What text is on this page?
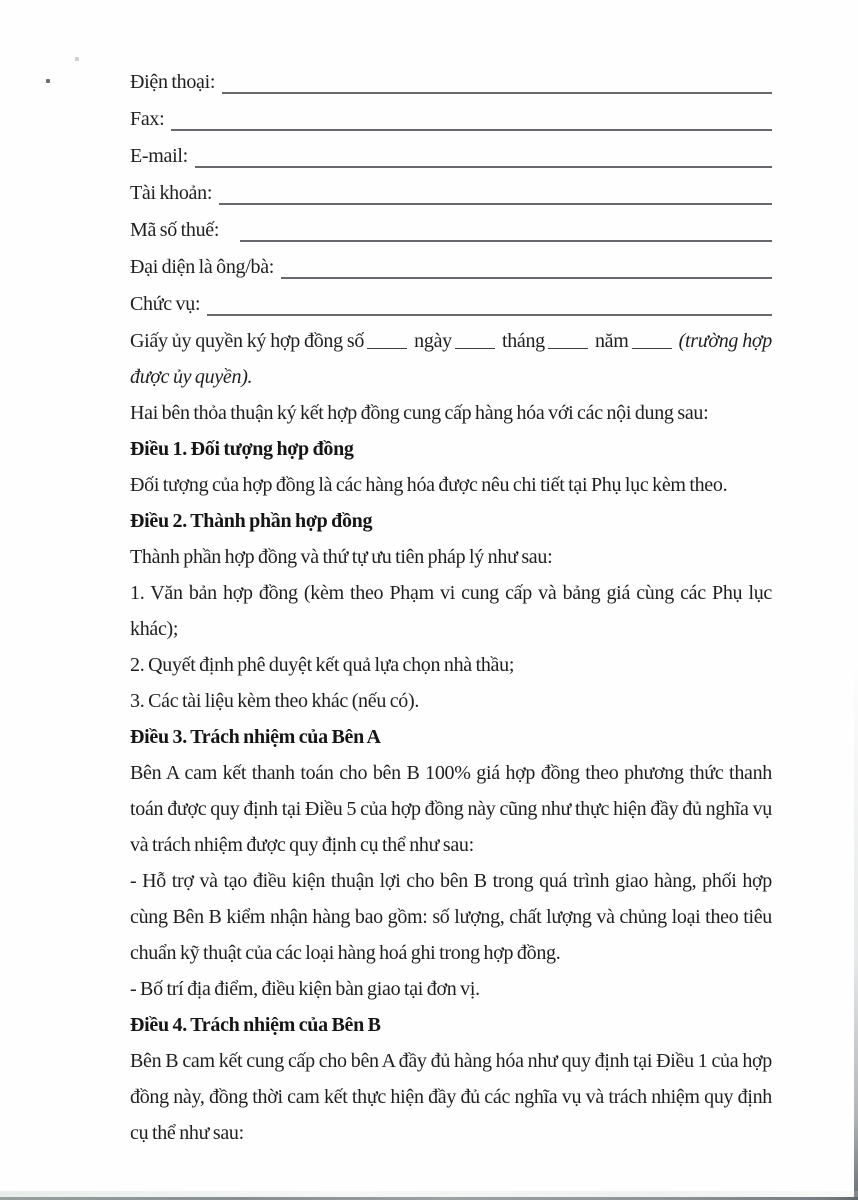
Điện thoại:
Fax:
E-mail:
Tài khoản:
Mã số thuế:
Đại diện là ông/bà:
Chức vụ:

Giấy ủy quyền ký hợp đồng số	ngày	tháng	năm	(trường hợp được ủy quyền).

Hai bên thỏa thuận ký kết hợp đồng cung cấp hàng hóa với các nội dung sau:

Điều 1. Đối tượng hợp đồng

Đối tượng của hợp đồng là các hàng hóa được nêu chi tiết tại Phụ lục kèm theo.

Điều 2. Thành phần hợp đồng

Thành phần hợp đồng và thứ tự ưu tiên pháp lý như sau:

1. Văn bản hợp đồng (kèm theo Phạm vi cung cấp và bảng giá cùng các Phụ lục khác);

2. Quyết định phê duyệt kết quả lựa chọn nhà thầu;

3. Các tài liệu kèm theo khác (nếu có).

Điều 3. Trách nhiệm của Bên A

Bên A cam kết thanh toán cho bên B 100% giá hợp đồng theo phương thức thanh toán được quy định tại Điều 5 của hợp đồng này cũng như thực hiện đầy đủ nghĩa vụ và trách nhiệm được quy định cụ thể như sau:

- Hỗ trợ và tạo điều kiện thuận lợi cho bên B trong quá trình giao hàng, phối hợp cùng Bên B kiểm nhận hàng bao gồm: số lượng, chất lượng và chủng loại theo tiêu chuẩn kỹ thuật của các loại hàng hoá ghi trong hợp đồng.

- Bố trí địa điểm, điều kiện bàn giao tại đơn vị.

Điều 4. Trách nhiệm của Bên B

Bên B cam kết cung cấp cho bên A đầy đủ hàng hóa như quy định tại Điều 1 của hợp đồng này, đồng thời cam kết thực hiện đầy đủ các nghĩa vụ và trách nhiệm quy định cụ thể như sau:
